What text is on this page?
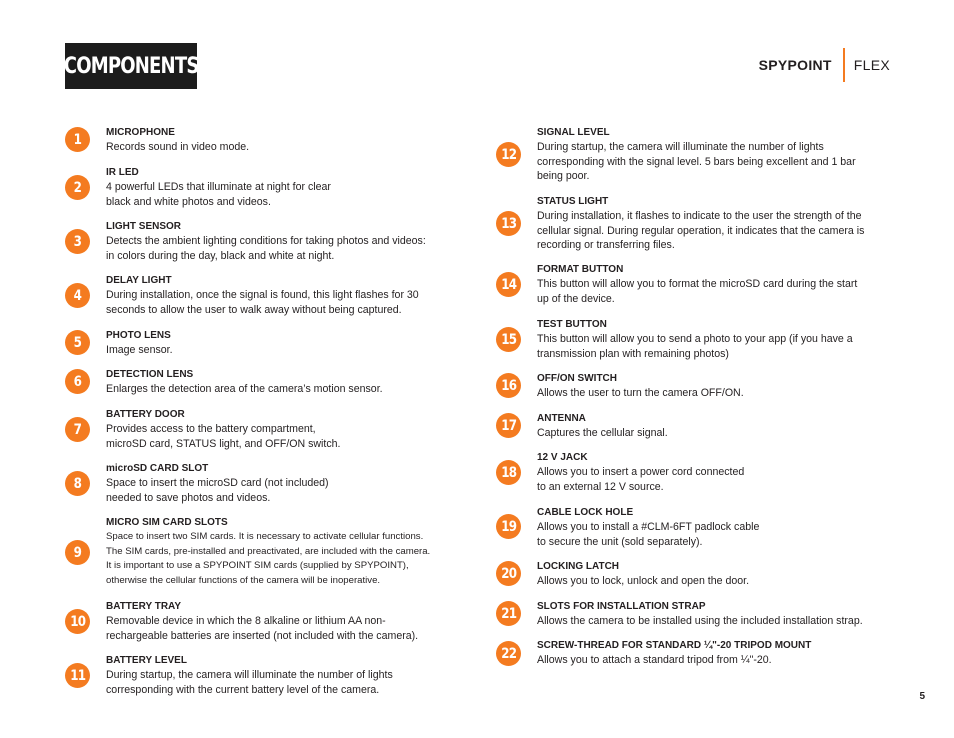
COMPONENTS	SPYPOINT FLEX
1 MICROPHONE
Records sound in video mode.
2
IR LED
4 powerful LEDs that illuminate at night for clear
black and white photos and videos.
3
LIGHT SENSOR
Detects the ambient lighting conditions for taking photos and videos:
in colors during the day, black and white at night.
4
DELAY LIGHT
During installation, once the signal is found, this light flashes for 30
seconds to allow the user to walk away without being captured.
5 PHOTO LENS
Image sensor.
6 DETECTION LENS
Enlarges the detection area of the camera’s motion sensor.
7
BATTERY DOOR
Provides access to the battery compartment,
microSD card, STATUS light, and OFF/ON switch.
8
microSD CARD SLOT
Space to insert the microSD card (not included)
needed to save photos and videos.
9
MICRO SIM CARD SLOTS
Space to insert two SIM cards. It is necessary to activate cellular functions.
The SIM cards, pre-installed and preactivated, are included with the camera.
It is important to use a SPYPOINT SIM cards (supplied by SPYPOINT),
otherwise the cellular functions of the camera will be inoperative.
10
BATTERY TRAY
Removable device in which the 8 alkaline or lithium AA non-
rechargeable batteries are inserted (not included with the camera).
11
BATTERY LEVEL
During startup, the camera will illuminate the number of lights
corresponding with the current battery level of the camera.
12
SIGNAL LEVEL
During startup, the camera will illuminate the number of lights
corresponding with the signal level. 5 bars being excellent and 1 bar
being poor.
13
STATUS LIGHT
During installation, it flashes to indicate to the user the strength of the
cellular signal. During regular operation, it indicates that the camera is
recording or transferring files.
14
FORMAT BUTTON
This button will allow you to format the microSD card during the start
up of the device.
15
TEST BUTTON
This button will allow you to send a photo to your app (if you have a
transmission plan with remaining photos)
16 OFF/ON SWITCH
Allows the user to turn the camera OFF/ON.
17 ANTENNA
Captures the cellular signal.
18
12 V JACK
Allows you to insert a power cord connected
to an external 12 V source.
19
CABLE LOCK HOLE
Allows you to install a #CLM-6FT padlock cable
to secure the unit (sold separately).
20 LOCKING LATCH
Allows you to lock, unlock and open the door.
21 SLOTS FOR INSTALLATION STRAP
Allows the camera to be installed using the included installation strap.
22 SCREW-THREAD FOR STANDARD ¼"-20 TRIPOD MOUNT
Allows you to attach a standard tripod from ¼"-20.
5
